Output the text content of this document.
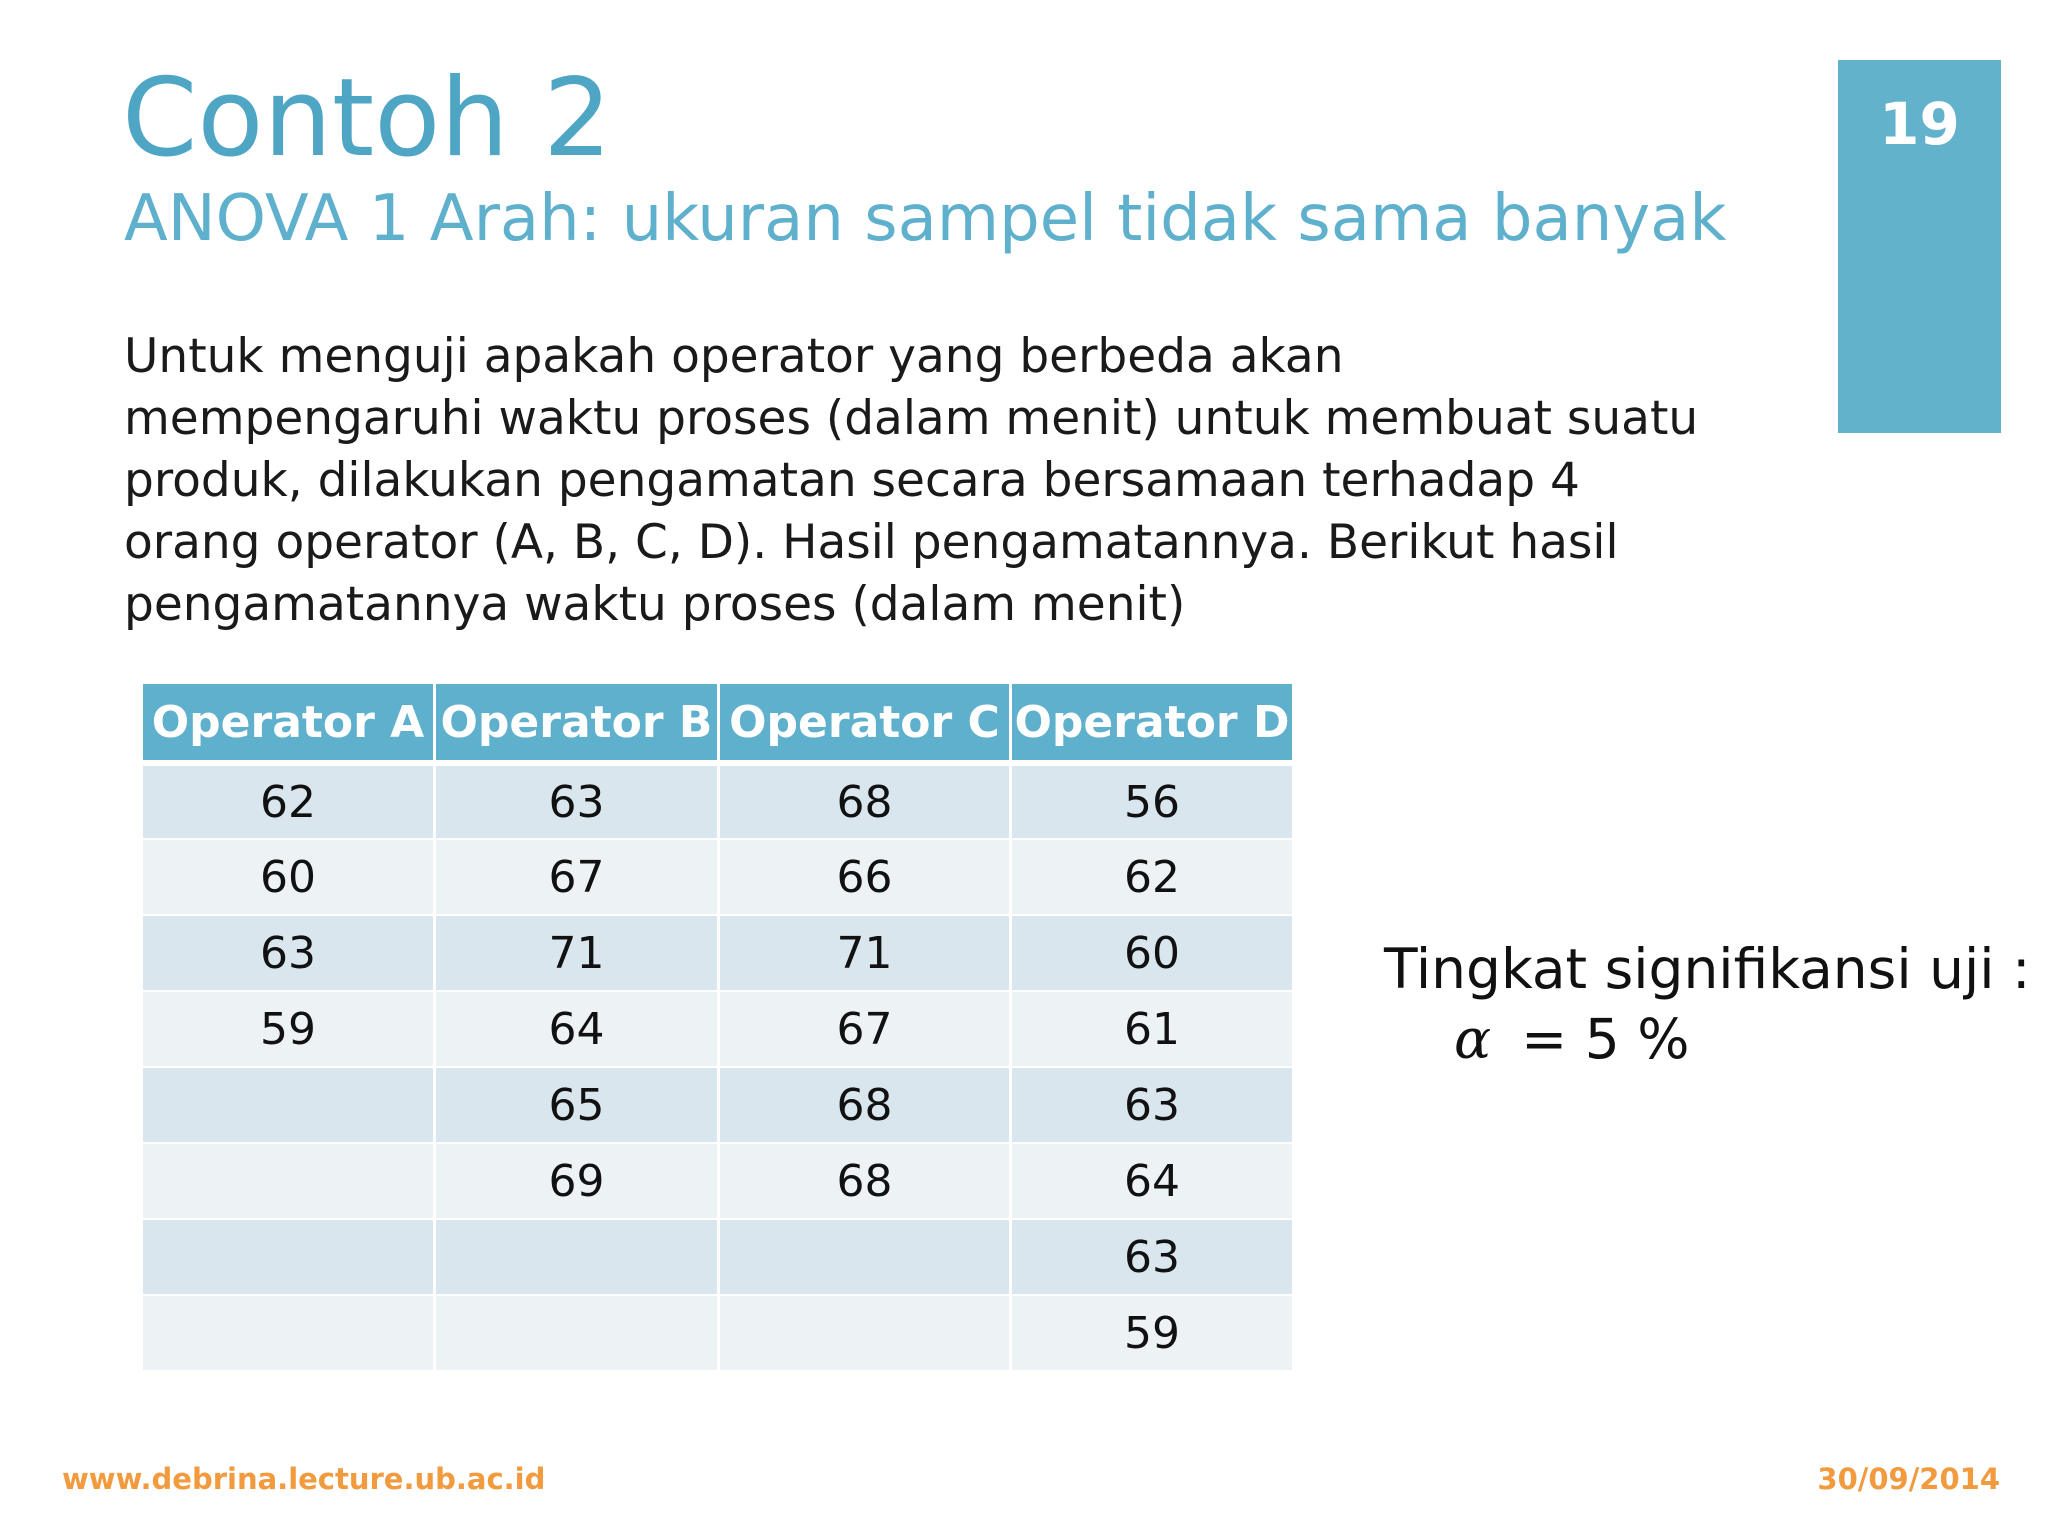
19
Contoh 2
ANOVA 1 Arah: ukuran sampel tidak sama banyak
Untuk menguji apakah operator yang berbeda akan
mempengaruhi waktu proses (dalam menit) untuk membuat suatu
produk, dilakukan pengamatan secara bersamaan terhadap 4
orang operator (A, B, C, D). Hasil pengamatannya. Berikut hasil
pengamatannya waktu proses (dalam menit)
Operator A	Operator B	Operator C	Operator D
62	63	68	56
60	67	66	62
63	71	71	60
59	64	67	61
	65	68	63
	69	68	64
			63
			59
Tingkat signifikansi uji :
α = 5 %
www.debrina.lecture.ub.ac.id	30/09/2014
